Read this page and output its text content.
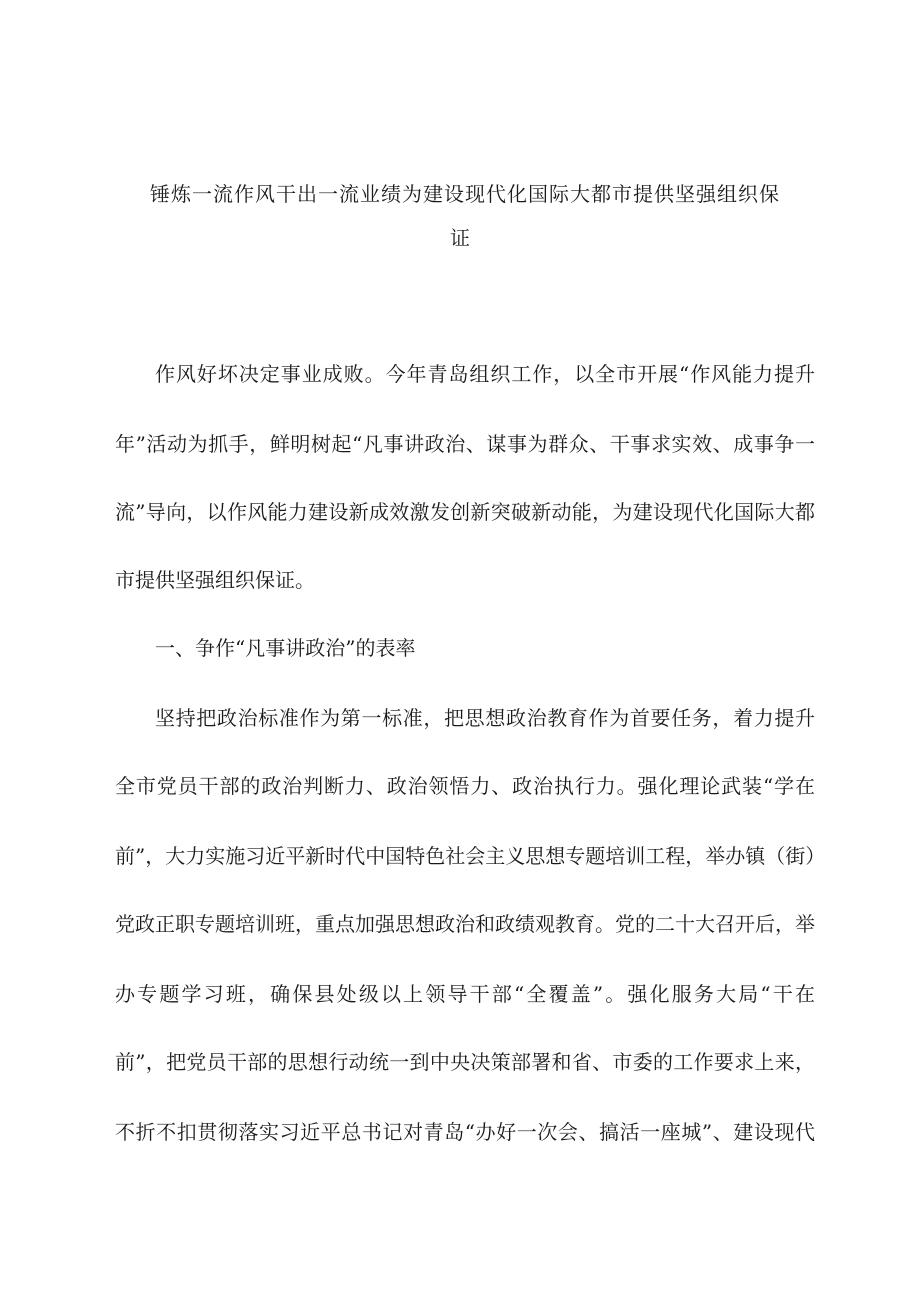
锤炼一流作风干出一流业绩为建设现代化国际大都市提供坚强组织保
证
作风好坏决定事业成败。今年青岛组织工作，以全市开展“作风能力提升
年”活动为抓手，鲜明树起“凡事讲政治、谋事为群众、干事求实效、成事争一
流”导向，以作风能力建设新成效激发创新突破新动能，为建设现代化国际大都
市提供坚强组织保证。
一、争作“凡事讲政治”的表率
坚持把政治标准作为第一标准，把思想政治教育作为首要任务，着力提升
全市党员干部的政治判断力、政治领悟力、政治执行力。强化理论武装“学在
前”，大力实施习近平新时代中国特色社会主义思想专题培训工程，举办镇（街）
党政正职专题培训班，重点加强思想政治和政绩观教育。党的二十大召开后，举
办专题学习班，确保县处级以上领导干部“全覆盖”。强化服务大局“干在
前”，把党员干部的思想行动统一到中央决策部署和省、市委的工作要求上来，
不折不扣贯彻落实习近平总书记对青岛“办好一次会、搞活一座城”、建设现代
